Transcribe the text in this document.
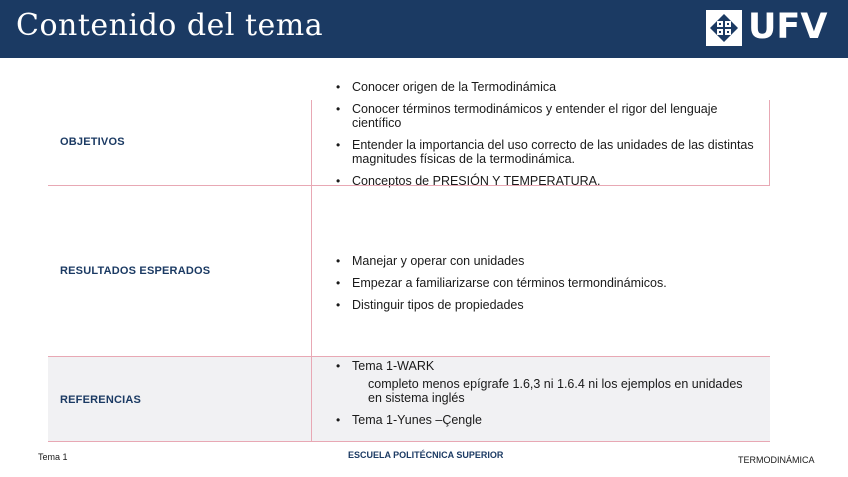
Contenido del tema	UFV
OBJETIVOS
• Conocer origen de la Termodinámica
• Conocer términos termodinámicos y entender el rigor del lenguaje científico
• Entender la importancia del uso correcto de las unidades de las distintas magnitudes físicas de la termodinámica.
• Conceptos de PRESIÓN Y TEMPERATURA.
RESULTADOS ESPERADOS
• Manejar y operar con unidades
• Empezar a familiarizarse con términos termondinámicos.
• Distinguir tipos de propiedades
REFERENCIAS
• Tema 1-WARK
completo menos epígrafe 1.6,3 ni 1.6.4 ni los ejemplos en unidades en sistema inglés
• Tema 1-Yunes –Çengle
Tema 1	ESCUELA POLITÉCNICA SUPERIOR	TERMODINÁMICA
